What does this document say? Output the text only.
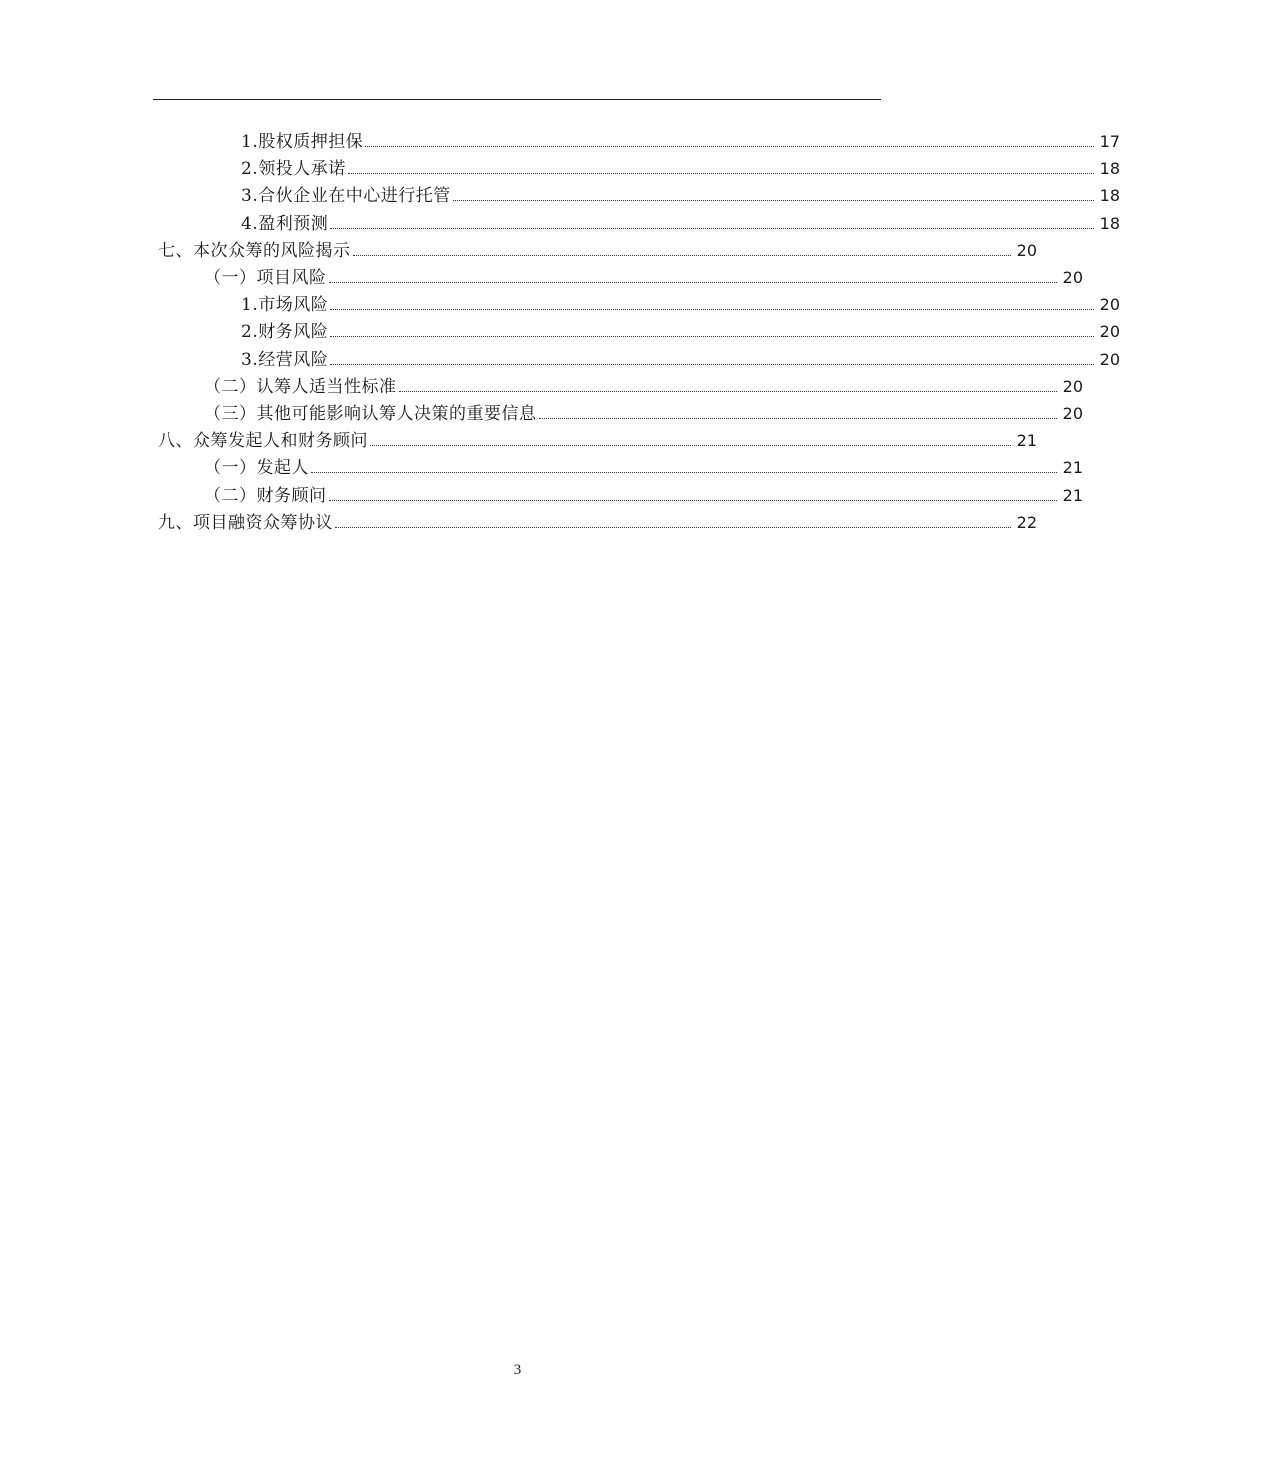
1.股权质押担保	17
2.领投人承诺	18
3.合伙企业在中心进行托管	18
4.盈利预测	18
七、本次众筹的风险揭示	20
（一）项目风险	20
1.市场风险	20
2.财务风险	20
3.经营风险	20
（二）认筹人适当性标准	20
（三）其他可能影响认筹人决策的重要信息	20
八、众筹发起人和财务顾问	21
（一）发起人	21
（二）财务顾问	21
九、项目融资众筹协议	22
3
